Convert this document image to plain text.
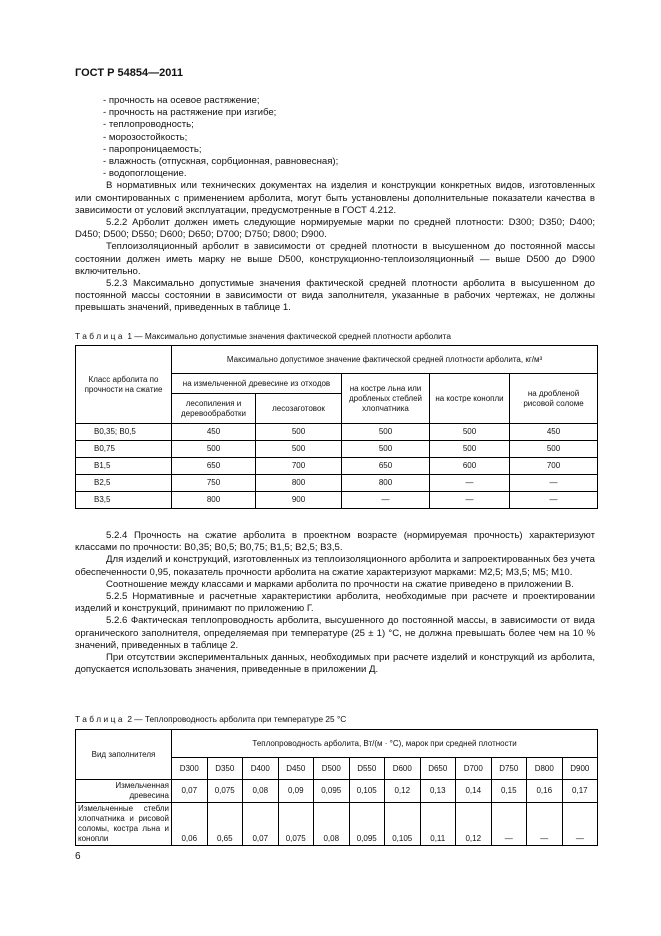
ГОСТ Р 54854—2011

- прочность на осевое растяжение;

- прочность на растяжение при изгибе;

- теплопроводность;

- морозостойкость;

- паропроницаемость;

- влажность (отпускная, сорбционная, равновесная);

- водопоглощение.

В нормативных или технических документах на изделия и конструкции конкретных видов, изготовленных или смонтированных с применением арболита, могут быть установлены дополнительные показатели качества в зависимости от условий эксплуатации, предусмотренные в ГОСТ 4.212.

5.2.2 Арболит должен иметь следующие нормируемые марки по средней плотности: D300; D350; D400; D450; D500; D550; D600; D650; D700; D750; D800; D900.

Теплоизоляционный арболит в зависимости от средней плотности в высушенном до постоянной массы состоянии должен иметь марку не выше D500, конструкционно-теплоизоляционный — выше D500 до D900 включительно.

5.2.3 Максимально допустимые значения фактической средней плотности арболита в высушенном до постоянной массы состоянии в зависимости от вида заполнителя, указанные в рабочих чертежах, не должны превышать значений, приведенных в таблице 1.

Таблица 1 — Максимально допустимые значения фактической средней плотности арболита
Класс арболита по прочности на сжатие	Максимально допустимое значение фактической средней плотности арболита, кг/м³				
	на измельченной древесине из отходов		на костре льна или дробленых стеблей хлопчатника	на костре конопли	на дробленой рисовой соломе
	лесопиления и деревообработки	лесозаготовок			
B0,35; B0,5	450	500	500	500	450
B0,75	500	500	500	500	500
B1,5	650	700	650	600	700
B2,5	750	800	800	—	—
B3,5	800	900	—	—	—

5.2.4 Прочность на сжатие арболита в проектном возрасте (нормируемая прочность) характеризуют классами по прочности: B0,35; B0,5; B0,75; B1,5; B2,5; B3,5.

Для изделий и конструкций, изготовленных из теплоизоляционного арболита и запроектированных без учета обеспеченности 0,95, показатель прочности арболита на сжатие характеризуют марками: M2,5; M3,5; M5; M10.

Соотношение между классами и марками арболита по прочности на сжатие приведено в приложении В.

5.2.5 Нормативные и расчетные характеристики арболита, необходимые при расчете и проектировании изделий и конструкций, принимают по приложению Г.

5.2.6 Фактическая теплопроводность арболита, высушенного до постоянной массы, в зависимости от вида органического заполнителя, определяемая при температуре (25 ± 1) °С, не должна превышать более чем на 10 % значений, приведенных в таблице 2.

При отсутствии экспериментальных данных, необходимых при расчете изделий и конструкций из арболита, допускается использовать значения, приведенные в приложении Д.

Таблица 2 — Теплопроводность арболита при температуре 25 °С
Вид заполнителя	Теплопроводность арболита, Вт/(м · °С), марок при средней плотности											
	D300	D350	D400	D450	D500	D550	D600	D650	D700	D750	D800	D900
Измельченная древесина	0,07	0,075	0,08	0,09	0,095	0,105	0,12	0,13	0,14	0,15	0,16	0,17
Измельченные стебли хлопчатника и рисовой соломы, костра льна и конопли	0,06	0,65	0,07	0,075	0,08	0,095	0,105	0,11	0,12	—	—	—
6
